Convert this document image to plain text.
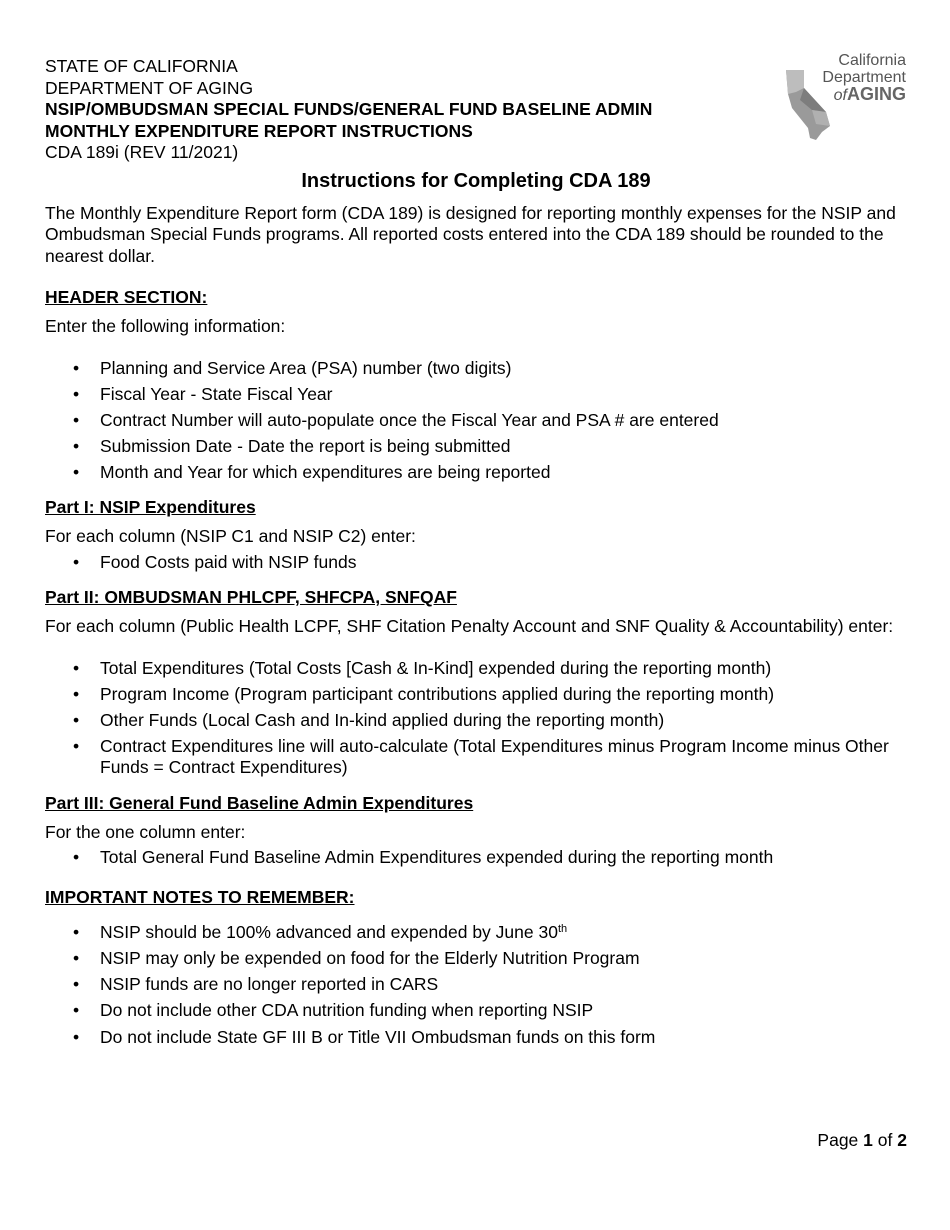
California
Department
ofAGING
STATE OF CALIFORNIA
DEPARTMENT OF AGING
NSIP/OMBUDSMAN SPECIAL FUNDS/GENERAL FUND BASELINE ADMIN
MONTHLY EXPENDITURE REPORT INSTRUCTIONS
CDA 189i (REV 11/2021)
Instructions for Completing CDA 189

The Monthly Expenditure Report form (CDA 189) is designed for reporting monthly expenses for the NSIP and Ombudsman Special Funds programs. All reported costs entered into the CDA 189 should be rounded to the nearest dollar.

HEADER SECTION:

Enter the following information:

• Planning and Service Area (PSA) number (two digits)
• Fiscal Year - State Fiscal Year
• Contract Number will auto-populate once the Fiscal Year and PSA # are entered
• Submission Date - Date the report is being submitted
• Month and Year for which expenditures are being reported
Part I: NSIP Expenditures

For each column (NSIP C1 and NSIP C2) enter:

• Food Costs paid with NSIP funds
Part II: OMBUDSMAN PHLCPF, SHFCPA, SNFQAF

For each column (Public Health LCPF, SHF Citation Penalty Account and SNF Quality & Accountability) enter:

• Total Expenditures (Total Costs [Cash & In-Kind] expended during the reporting month)
• Program Income (Program participant contributions applied during the reporting month)
• Other Funds (Local Cash and In-kind applied during the reporting month)
• Contract Expenditures line will auto-calculate (Total Expenditures minus Program Income minus Other Funds = Contract Expenditures)
Part III: General Fund Baseline Admin Expenditures

For the one column enter:

• Total General Fund Baseline Admin Expenditures expended during the reporting month
IMPORTANT NOTES TO REMEMBER:
• NSIP should be 100% advanced and expended by June 30th
• NSIP may only be expended on food for the Elderly Nutrition Program
• NSIP funds are no longer reported in CARS
• Do not include other CDA nutrition funding when reporting NSIP
• Do not include State GF III B or Title VII Ombudsman funds on this form
Page 1 of 2
